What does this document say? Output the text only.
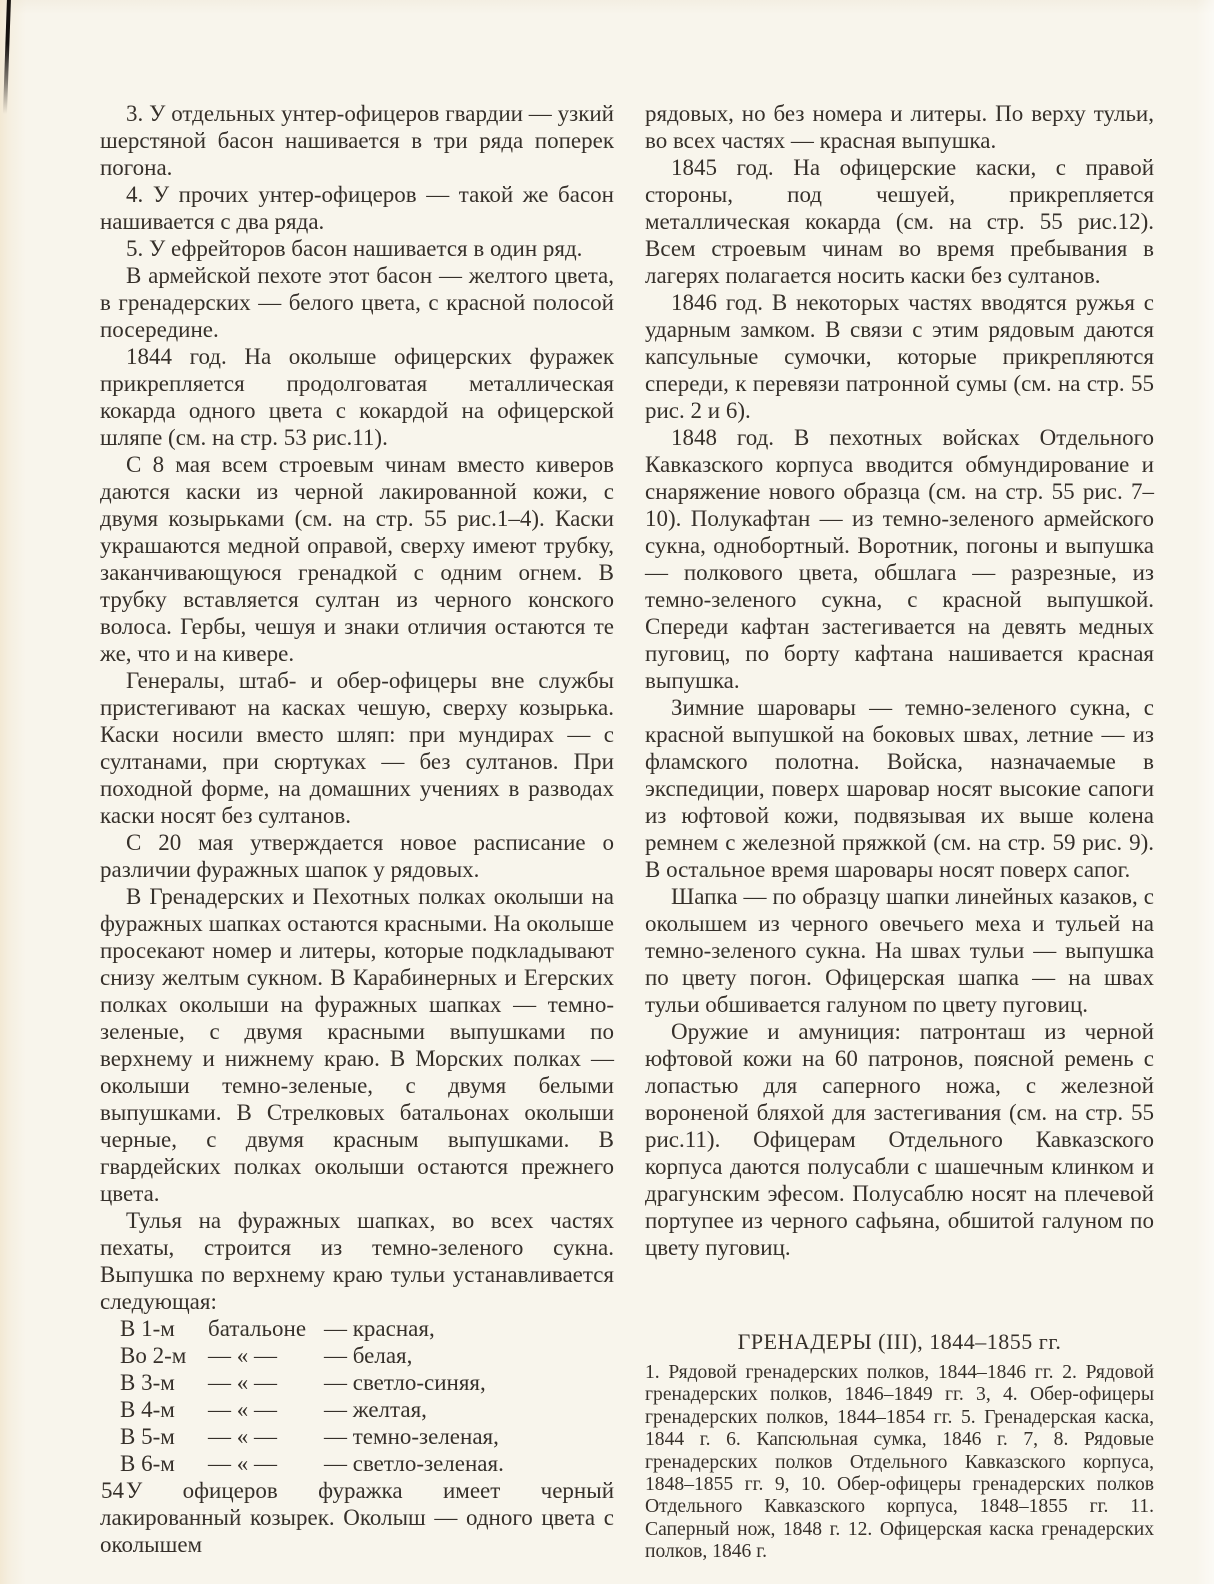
3. У отдельных унтер-офицеров гвардии — узкий шерстяной басон нашивается в три ряда поперек погона.

4. У прочих унтер-офицеров — такой же басон нашивается с два ряда.

5. У ефрейторов басон нашивается в один ряд.

В армейской пехоте этот басон — желтого цвета, в гренадерских — белого цвета, с красной полосой посередине.

1844 год. На околыше офицерских фуражек прикрепляется продолговатая металлическая кокарда одного цвета с кокардой на офицерской шляпе (см. на стр. 53 рис.11).

С 8 мая всем строевым чинам вместо киверов даются каски из черной лакированной кожи, с двумя козырьками (см. на стр. 55 рис.1–4). Каски украшаются медной оправой, сверху имеют трубку, заканчивающуюся гренадкой с одним огнем. В трубку вставляется султан из черного конского волоса. Гербы, чешуя и знаки отличия остаются те же, что и на кивере.

Генералы, штаб- и обер-офицеры вне службы пристегивают на касках чешую, сверху козырька. Каски носили вместо шляп: при мундирах — с султанами, при сюртуках — без султанов. При походной форме, на домашних учениях в разводах каски носят без султанов.

С 20 мая утверждается новое расписание о различии фуражных шапок у рядовых.

В Гренадерских и Пехотных полках околыши на фуражных шапках остаются красными. На околыше просекают номер и литеры, которые подкладывают снизу желтым сукном. В Карабинерных и Егерских полках околыши на фуражных шапках — темно-зеленые, с двумя красными выпушками по верхнему и нижнему краю. В Морских полках — околыши темно-зеленые, с двумя белыми выпушками. В Стрелковых батальонах околыши черные, с двумя красным выпушками. В гвардейских полках околыши остаются прежнего цвета.

Тулья на фуражных шапках, во всех частях пехаты, строится из темно-зеленого сукна. Выпушка по верхнему краю тульи устанавливается следующая:

В 1-м	батальоне — красная,
Во 2-м — « —	— белая,
В 3-м	— « —	— светло-синяя,
В 4-м	— « —	— желтая,
В 5-м	— « —	— темно-зеленая,
В 6-м	— « —	— светло-зеленая.

У офицеров фуражка имеет черный лакированный козырек. Околыш — одного цвета с околышем

рядовых, но без номера и литеры. По верху тульи, во всех частях — красная выпушка.

1845 год. На офицерские каски, с правой стороны, под чешуей, прикрепляется металлическая кокарда (см. на стр. 55 рис.12). Всем строевым чинам во время пребывания в лагерях полагается носить каски без султанов.

1846 год. В некоторых частях вводятся ружья с ударным замком. В связи с этим рядовым даются капсульные сумочки, которые прикрепляются спереди, к перевязи патронной сумы (см. на стр. 55 рис. 2 и 6).

1848 год. В пехотных войсках Отдельного Кавказского корпуса вводится обмундирование и снаряжение нового образца (см. на стр. 55 рис. 7–10). Полукафтан — из темно-зеленого армейского сукна, однобортный. Воротник, погоны и выпушка — полкового цвета, обшлага — разрезные, из темно-зеленого сукна, с красной выпушкой. Спереди кафтан застегивается на девять медных пуговиц, по борту кафтана нашивается красная выпушка.

Зимние шаровары — темно-зеленого сукна, с красной выпушкой на боковых швах, летние — из фламского полотна. Войска, назначаемые в экспедиции, поверх шаровар носят высокие сапоги из юфтовой кожи, подвязывая их выше колена ремнем с железной пряжкой (см. на стр. 59 рис. 9). В остальное время шаровары носят поверх сапог.

Шапка — по образцу шапки линейных казаков, с околышем из черного овечьего меха и тульей на темно-зеленого сукна. На швах тульи — выпушка по цвету погон. Офицерская шапка — на швах тульи обшивается галуном по цвету пуговиц.

Оружие и амуниция: патронташ из черной юфтовой кожи на 60 патронов, поясной ремень с лопастью для саперного ножа, с железной вороненой бляхой для застегивания (см. на стр. 55 рис.11). Офицерам Отдельного Кавказского корпуса даются полусабли с шашечным клинком и драгунским эфесом. Полусаблю носят на плечевой портупее из черного сафьяна, обшитой галуном по цвету пуговиц.

ГРЕНАДЕРЫ (III), 1844–1855 гг.

1. Рядовой гренадерских полков, 1844–1846 гг. 2. Рядовой гренадерских полков, 1846–1849 гг. 3, 4. Обер-офицеры гренадерских полков, 1844–1854 гг. 5. Гренадерская каска, 1844 г. 6. Капсюльная сумка, 1846 г. 7, 8. Рядовые гренадерских полков Отдельного Кавказского корпуса, 1848–1855 гг. 9, 10. Обер-офицеры гренадерских полков Отдельного Кавказского корпуса, 1848–1855 гг. 11. Саперный нож, 1848 г. 12. Офицерская каска гренадерских полков, 1846 г.

54
